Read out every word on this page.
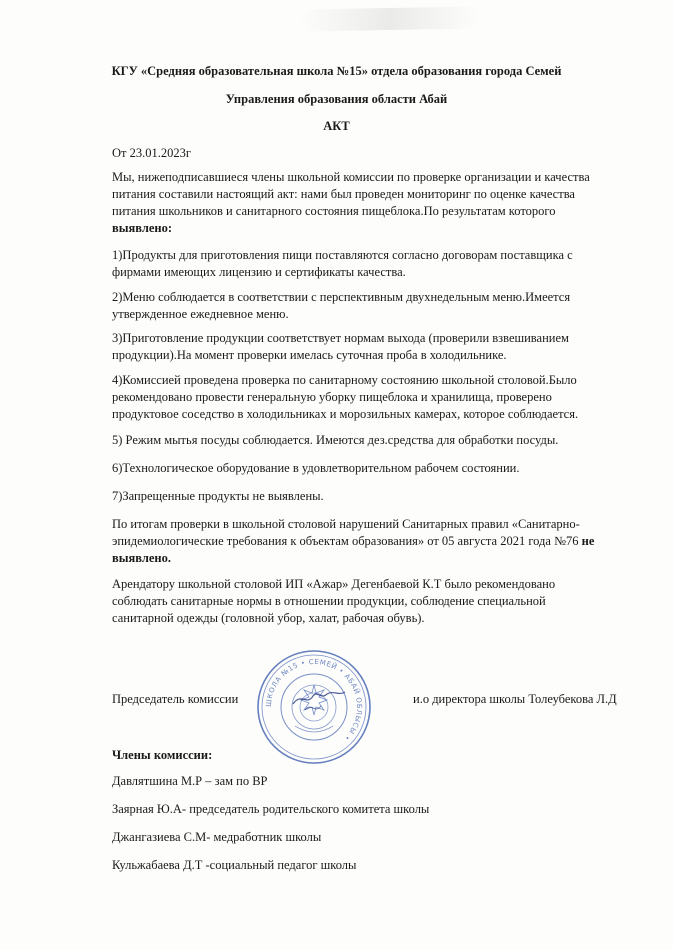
КГУ «Средняя образовательная школа №15» отдела образования города Семей
Управления образования области Абай
АКТ
От 23.01.2023г
Мы, нижеподписавшиеся члены школьной комиссии по проверке организации и качества
питания составили настоящий акт: нами был проведен мониторинг по оценке качества
питания школьников и санитарного состояния пищеблока.По результатам которого
выявлено:
1)Продукты для приготовления пищи поставляются согласно договорам поставщика с
фирмами имеющих лицензию и сертификаты качества.
2)Меню соблюдается в соответствии с перспективным двухнедельным меню.Имеется
утвержденное ежедневное меню.
3)Приготовление продукции соответствует нормам выхода (проверили взвешиванием
продукции).На момент проверки имелась суточная проба в холодильнике.
4)Комиссией проведена проверка по санитарному состоянию школьной столовой.Было
рекомендовано провести генеральную уборку пищеблока и хранилища, проверено
продуктовое соседство в холодильниках и морозильных камерах, которое соблюдается.
5) Режим мытья посуды соблюдается. Имеются дез.средства для обработки посуды.
6)Технологическое оборудование в удовлетворительном рабочем состоянии.
7)Запрещенные продукты не выявлены.
По итогам проверки в школьной столовой нарушений Санитарных правил «Санитарно-
эпидемиологические требования к объектам образования» от 05 августа 2021 года №76 не
выявлено.
Арендатору школьной столовой ИП «Ажар» Дегенбаевой К.Т было рекомендовано
соблюдать санитарные нормы в отношении продукции, соблюдение специальной
санитарной одежды (головной убор, халат, рабочая обувь).
Председатель комиссии	и.о директора школы Толеубекова Л.Д
ШКОЛА №15 • СЕМЕЙ • АБАЙ ОБЛЫСЫ •
Члены комиссии:
Давлятшина М.Р – зам по ВР
Заярная Ю.А- председатель родительского комитета школы
Джангазиева С.М- медработник школы
Кульжабаева Д.Т -социальный педагог школы
